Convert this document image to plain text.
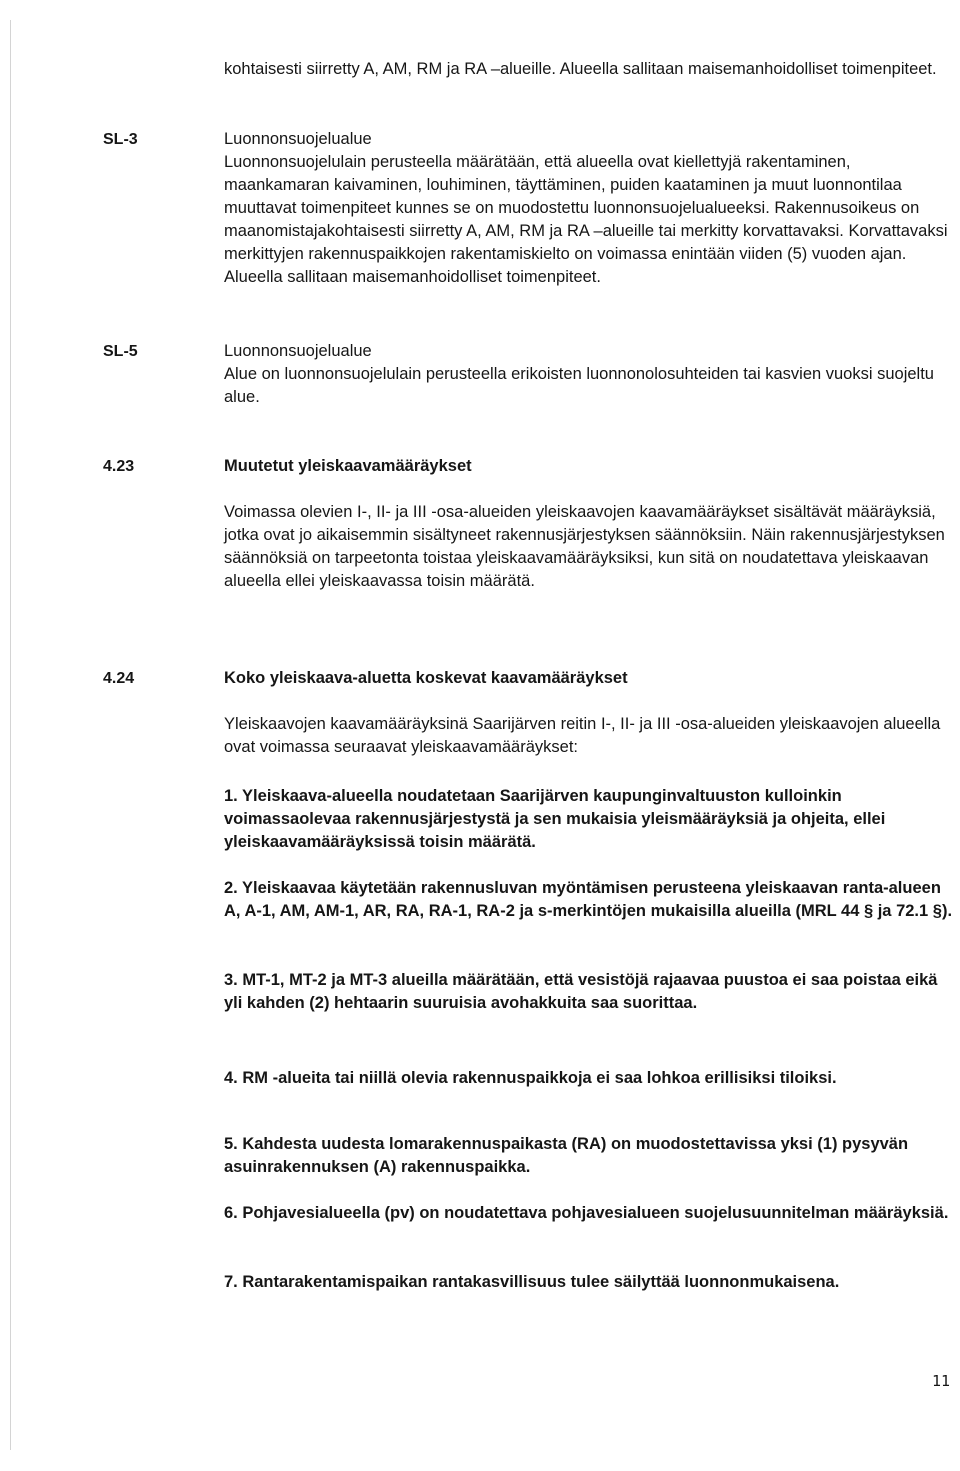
kohtaisesti siirretty A, AM, RM ja RA –alueille. Alueella sallitaan maisemanhoidolliset toimenpiteet.

SL-3	Luonnonsuojelualue

Luonnonsuojelulain perusteella määrätään, että alueella ovat kiellettyjä rakentaminen, maankamaran kaivaminen, louhiminen, täyttäminen, puiden kaataminen ja muut luonnontilaa muuttavat toimenpiteet kunnes se on muodostettu luonnonsuojelualueeksi. Rakennusoikeus on maanomistajakohtaisesti siirretty A, AM, RM ja RA –alueille tai merkitty korvattavaksi. Korvattavaksi merkittyjen rakennuspaikkojen rakentamiskielto on voimassa enintään viiden (5) vuoden ajan. Alueella sallitaan maisemanhoidolliset toimenpiteet.

SL-5	Luonnonsuojelualue

Alue on luonnonsuojelulain perusteella erikoisten luonnonolosuhteiden tai kasvien vuoksi suojeltu alue.

4.23	Muutetut yleiskaavamääräykset

Voimassa olevien I-, II- ja III -osa-alueiden yleiskaavojen kaavamääräykset sisältävät määräyksiä, jotka ovat jo aikaisemmin sisältyneet rakennusjärjestyksen säännöksiin. Näin rakennusjärjestyksen säännöksiä on tarpeetonta toistaa yleiskaavamääräyksiksi, kun sitä on noudatettava yleiskaavan alueella ellei yleiskaavassa toisin määrätä.

4.24	Koko yleiskaava-aluetta koskevat kaavamääräykset

Yleiskaavojen kaavamääräyksinä Saarijärven reitin I-, II- ja III -osa-alueiden yleiskaavojen alueella ovat voimassa seuraavat yleiskaavamääräykset:

1. Yleiskaava-alueella noudatetaan Saarijärven kaupunginvaltuuston kulloinkin voimassaolevaa rakennusjärjestystä ja sen mukaisia yleismääräyksiä ja ohjeita, ellei yleiskaavamääräyksissä toisin määrätä.

2. Yleiskaavaa käytetään rakennusluvan myöntämisen perusteena yleiskaavan ranta-alueen A, A-1, AM, AM-1, AR, RA, RA-1, RA-2 ja s-merkintöjen mukaisilla alueilla (MRL 44 § ja 72.1 §).

3. MT-1, MT-2 ja MT-3 alueilla määrätään, että vesistöjä rajaavaa puustoa ei saa poistaa eikä yli kahden (2) hehtaarin suuruisia avohakkuita saa suorittaa.

4. RM -alueita tai niillä olevia rakennuspaikkoja ei saa lohkoa erillisiksi tiloiksi.

5. Kahdesta uudesta lomarakennuspaikasta (RA) on muodostettavissa yksi (1) pysyvän asuinrakennuksen (A) rakennuspaikka.

6. Pohjavesialueella (pv) on noudatettava pohjavesialueen suojelusuunnitelman määräyksiä.

7. Rantarakentamispaikan rantakasvillisuus tulee säilyttää luonnonmukaisena.

11
